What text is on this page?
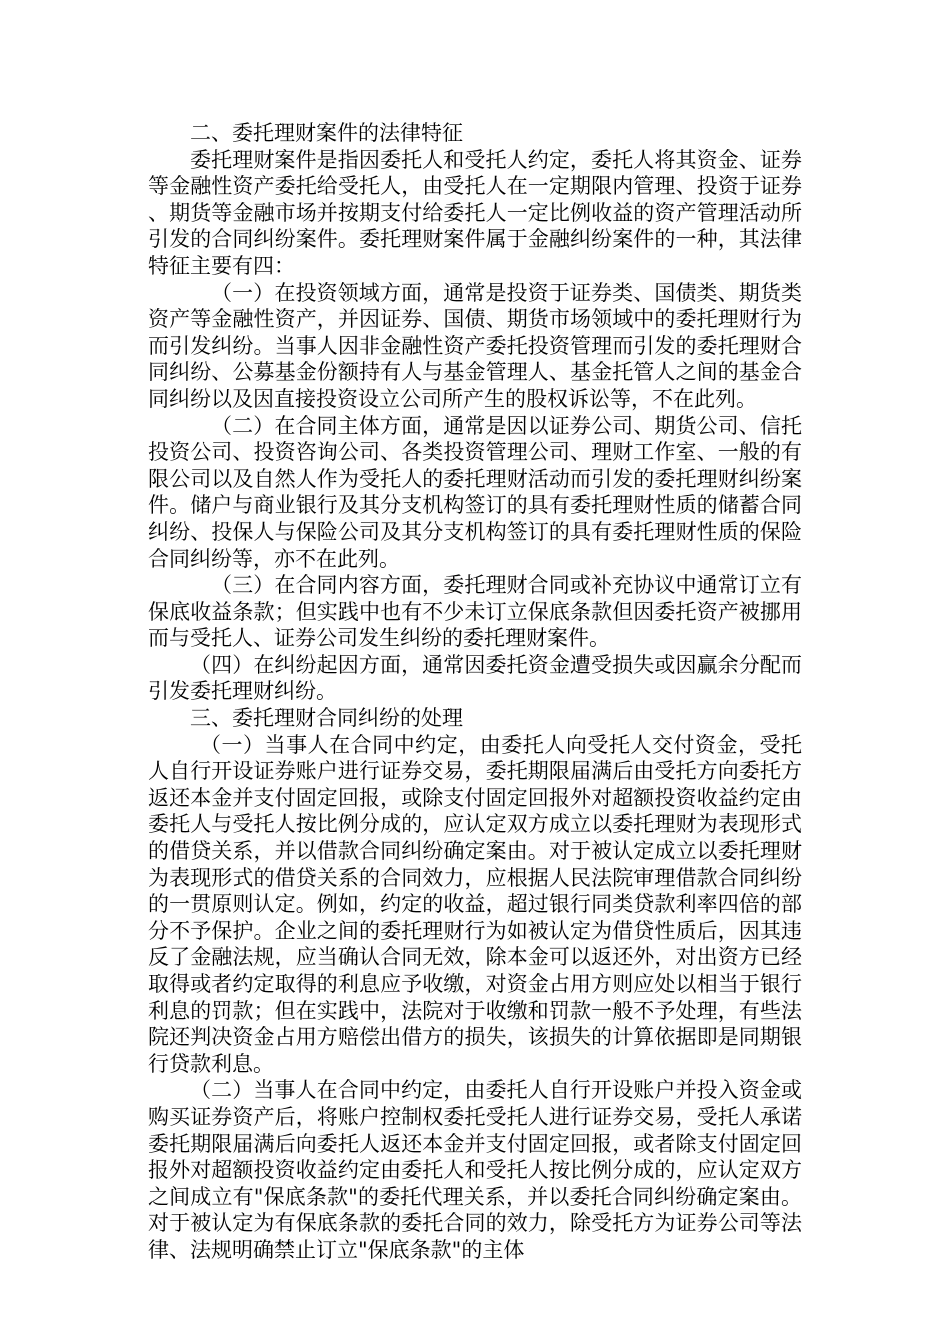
二、委托理财案件的法律特征

委托理财案件是指因委托人和受托人约定，委托人将其资金、证券等金融性资产委托给受托人，由受托人在一定期限内管理、投资于证券、期货等金融市场并按期支付给委托人一定比例收益的资产管理活动所引发的合同纠纷案件。委托理财案件属于金融纠纷案件的一种，其法律特征主要有四：

（一）在投资领域方面，通常是投资于证券类、国债类、期货类资产等金融性资产，并因证券、国债、期货市场领域中的委托理财行为而引发纠纷。当事人因非金融性资产委托投资管理而引发的委托理财合同纠纷、公募基金份额持有人与基金管理人、基金托管人之间的基金合同纠纷以及因直接投资设立公司所产生的股权诉讼等，不在此列。

（二）在合同主体方面，通常是因以证券公司、期货公司、信托投资公司、投资咨询公司、各类投资管理公司、理财工作室、一般的有限公司以及自然人作为受托人的委托理财活动而引发的委托理财纠纷案件。储户与商业银行及其分支机构签订的具有委托理财性质的储蓄合同纠纷、投保人与保险公司及其分支机构签订的具有委托理财性质的保险合同纠纷等，亦不在此列。

（三）在合同内容方面，委托理财合同或补充协议中通常订立有保底收益条款；但实践中也有不少未订立保底条款但因委托资产被挪用而与受托人、证券公司发生纠纷的委托理财案件。

（四）在纠纷起因方面，通常因委托资金遭受损失或因赢余分配而引发委托理财纠纷。

三、委托理财合同纠纷的处理

（一）当事人在合同中约定，由委托人向受托人交付资金，受托人自行开设证券账户进行证券交易，委托期限届满后由受托方向委托方返还本金并支付固定回报，或除支付固定回报外对超额投资收益约定由委托人与受托人按比例分成的，应认定双方成立以委托理财为表现形式的借贷关系，并以借款合同纠纷确定案由。对于被认定成立以委托理财为表现形式的借贷关系的合同效力，应根据人民法院审理借款合同纠纷的一贯原则认定。例如，约定的收益，超过银行同类贷款利率四倍的部分不予保护。企业之间的委托理财行为如被认定为借贷性质后，因其违反了金融法规，应当确认合同无效，除本金可以返还外，对出资方已经取得或者约定取得的利息应予收缴，对资金占用方则应处以相当于银行利息的罚款；但在实践中，法院对于收缴和罚款一般不予处理，有些法院还判决资金占用方赔偿出借方的损失，该损失的计算依据即是同期银行贷款利息。

（二）当事人在合同中约定，由委托人自行开设账户并投入资金或购买证券资产后，将账户控制权委托受托人进行证券交易，受托人承诺委托期限届满后向委托人返还本金并支付固定回报，或者除支付固定回报外对超额投资收益约定由委托人和受托人按比例分成的，应认定双方之间成立有"保底条款"的委托代理关系，并以委托合同纠纷确定案由。对于被认定为有保底条款的委托合同的效力，除受托方为证券公司等法律、法规明确禁止订立"保底条款"的主体
